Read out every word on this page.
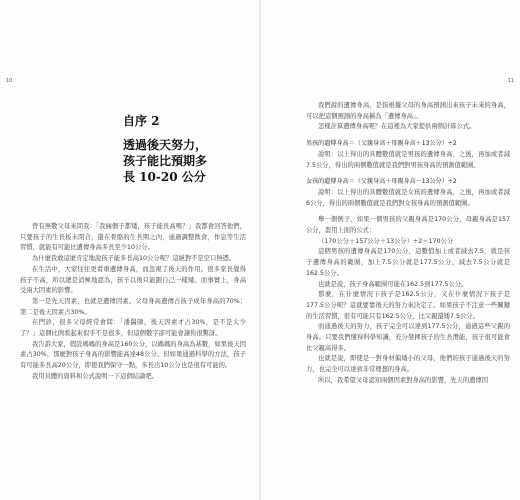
10
自序 2
透過後天努力，
孩子能比預期多
長 10-20 公分

曾有無數父母來問我：「我倆個子都矮，孩子能長高嗎？」我都會回答他們，只要孩子的生長板未閉合，還在骨骼的生長期之內，通過調整飲食，作息等生活習慣，就能有可能比遺傳身高多長至少10公分。

為什麼我敢這麼肯定地說孩子能多長高10公分呢？這絕對不是空口無憑。

在生活中，大家往往更看重遺傳身高，而忽視了後天的作用。很多家長覺得孩子不高，所以總是消極地認為，孩子以後只能跟自己一樣矮。而事實上，身高受兩大因素的影響。

第一是先天因素，也就是遺傳因素。父母身高遺傳占孩子成年身高的70%；第二是後天因素占30%。

在門診，很多父母經常會問：「潘醫師，後天因素才占30%，是不是太少了？」這個比例看起來似乎不是很多，但這個數字卻可能會讓你很驚訝。

我告訴大家，假設媽媽的身高是160公分，以媽媽的身高為基數，如果後天因素占30%，那麼對孩子身高的影響能高達48公分。但如果通過科學的方法，孩子有可能多長高20公分，即使我們保守一點，多長出10公分也是很有可能的。

我用具體的資料和公式說明一下這個結論吧。

11

我們說的遺傳身高，是指根據父母的身高預測出來孩子未來的身高，可以把這個預測的身高稱為「遺傳身高」。

怎樣計算遺傳身高呢？在這裡為大家提供兩個計算公式。

男孩的遺傳身高＝（父親身高＋母親身高＋13公分）÷2

說明：以上得出的具體數值就是男孩的遺傳身高，之後，再加或者減7.5公分，得出的兩個數值就是我們對男孩身高的預測值範圍。

女孩的遺傳身高＝（父親身高＋母親身高－13公分）÷2

說明：以上得出的具體數值就是女孩的遺傳身高，之後，再加或者減6公分，得出的兩個數值就是我們對女孩身高的預測值範圍。

舉一個例子，如果一個男孩的父親身高是170公分，母親身高是157公分，套用上面的公式：

（170公分＋157公分＋13公分）÷2＝170公分

這個男孩的遺傳身高是170公分，這數值加上或者減去7.5，就是孩子遺傳身高的範圍，加上7.5公分就是177.5公分，減去7.5公分就是162.5公分。

也就是說，孩子身高範圍可能在162.5到177.5公分。

那麼，在什麼情況下孩子是162.5公分，又在什麼情況下孩子是177.5公分呢？這就要靠後天的努力來決定了。如果孩子不注意一些關鍵的生活習慣，很有可能只有162.5公分，比父親還矮7.5公分。

而通過後天的努力，孩子完全可以達到177.5公分，通過這些父親的身高。只要我們懂得科學知識，充分發揮孩子的生長潛能，孩子很可能會比父親高得多。

也就是說，即使是一對身材偏矮小的父母，他們的孩子通過後天的努力，也完全可以達到非常理想的身高。

所以，我希望父母認知兩個因素對身高的影響，先天的遺傳因
